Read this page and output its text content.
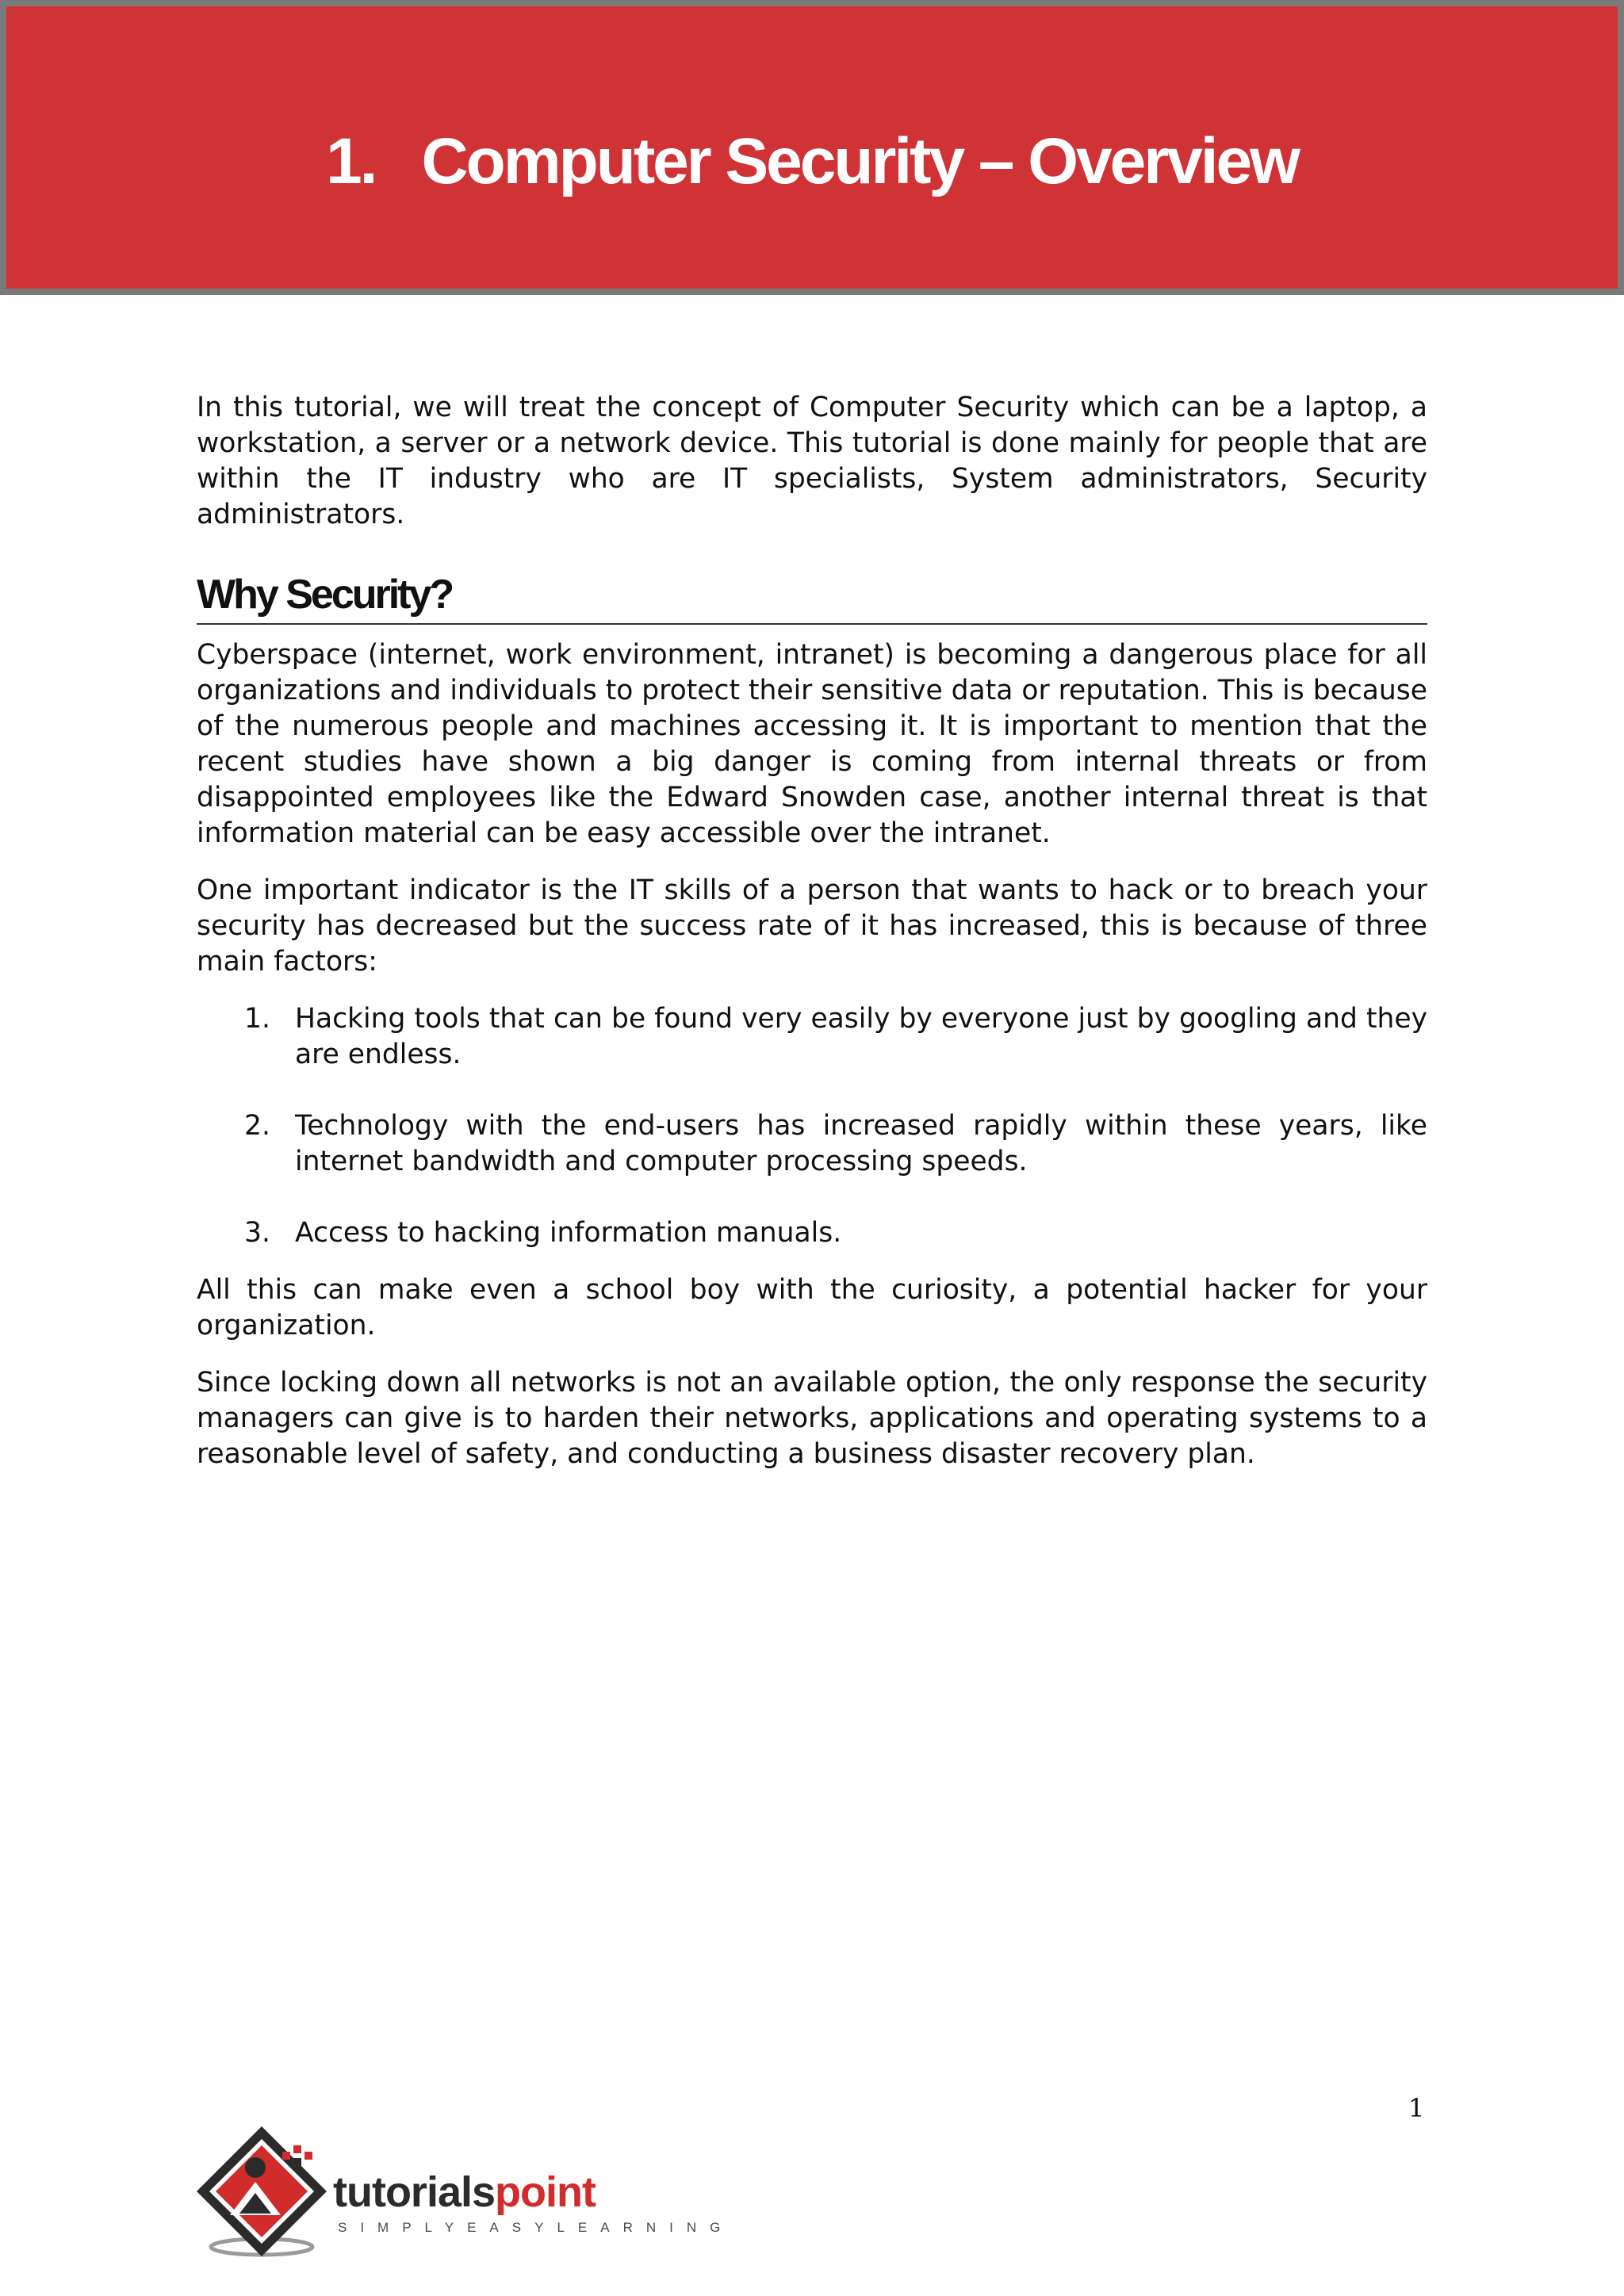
1. Computer Security – Overview

In this tutorial, we will treat the concept of Computer Security which can be a laptop, a workstation, a server or a network device. This tutorial is done mainly for people that are within the IT industry who are IT specialists, System administrators, Security administrators.

Why Security?

Cyberspace (internet, work environment, intranet) is becoming a dangerous place for all organizations and individuals to protect their sensitive data or reputation. This is because of the numerous people and machines accessing it. It is important to mention that the recent studies have shown a big danger is coming from internal threats or from disappointed employees like the Edward Snowden case, another internal threat is that information material can be easy accessible over the intranet.

One important indicator is the IT skills of a person that wants to hack or to breach your security has decreased but the success rate of it has increased, this is because of three main factors:

1. Hacking tools that can be found very easily by everyone just by googling and they are endless.
2. Technology with the end-users has increased rapidly within these years, like internet bandwidth and computer processing speeds.
3. Access to hacking information manuals.

All this can make even a school boy with the curiosity, a potential hacker for your organization.

Since locking down all networks is not an available option, the only response the security managers can give is to harden their networks, applications and operating systems to a reasonable level of safety, and conducting a business disaster recovery plan.

1
tutorialspoint
SIMPLYEASYLEARNING
